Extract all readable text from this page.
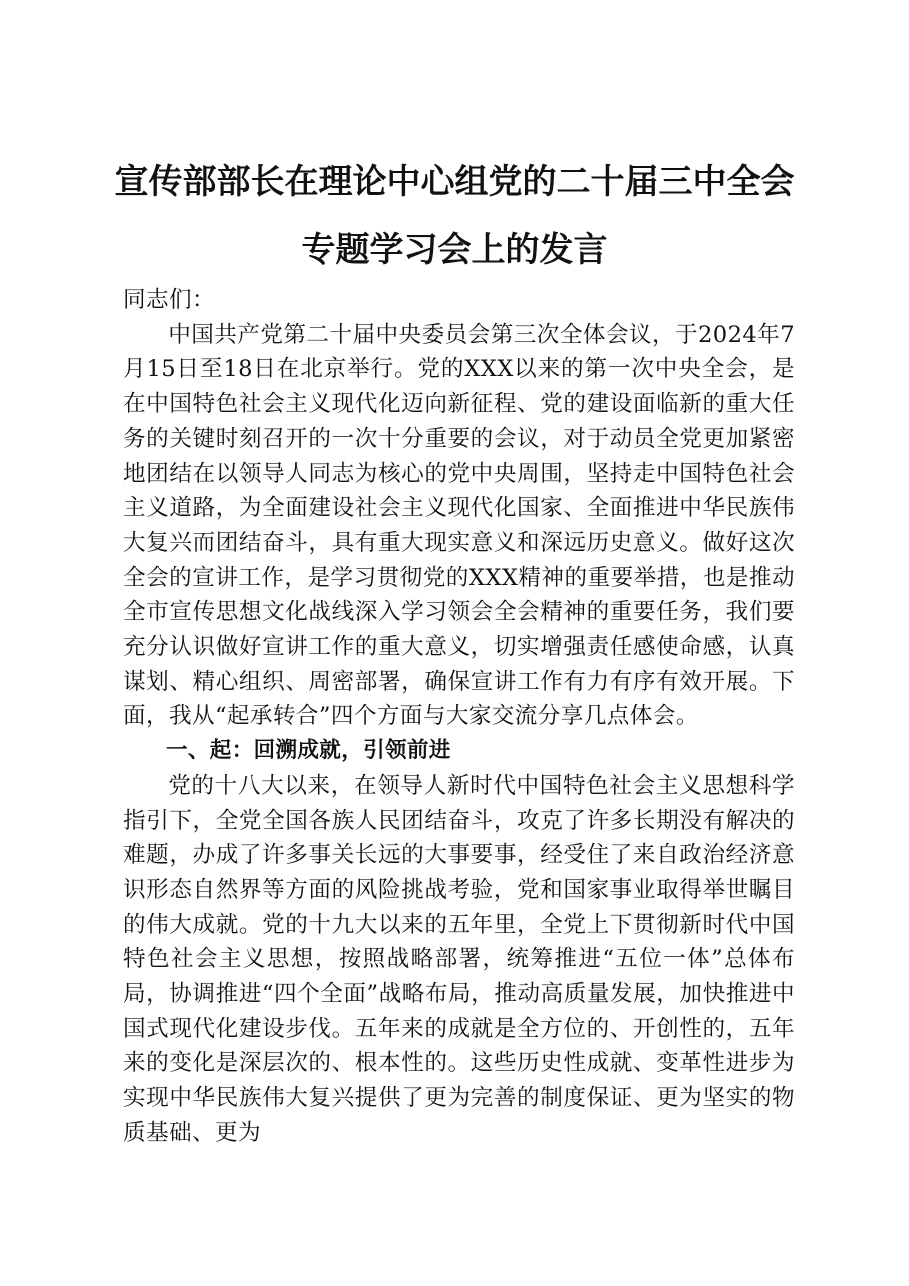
宣传部部长在理论中心组党的二十届三中全会
专题学习会上的发言

同志们：

中国共产党第二十届中央委员会第三次全体会议，于2024年7月15日至18日在北京举行。党的XXX以来的第一次中央全会，是在中国特色社会主义现代化迈向新征程、党的建设面临新的重大任务的关键时刻召开的一次十分重要的会议，对于动员全党更加紧密地团结在以领导人同志为核心的党中央周围，坚持走中国特色社会主义道路，为全面建设社会主义现代化国家、全面推进中华民族伟大复兴而团结奋斗，具有重大现实意义和深远历史意义。做好这次全会的宣讲工作，是学习贯彻党的XXX精神的重要举措，也是推动全市宣传思想文化战线深入学习领会全会精神的重要任务，我们要充分认识做好宣讲工作的重大意义，切实增强责任感使命感，认真谋划、精心组织、周密部署，确保宣讲工作有力有序有效开展。下面，我从“起承转合”四个方面与大家交流分享几点体会。

一、起：回溯成就，引领前进

党的十八大以来，在领导人新时代中国特色社会主义思想科学指引下，全党全国各族人民团结奋斗，攻克了许多长期没有解决的难题，办成了许多事关长远的大事要事，经受住了来自政治经济意识形态自然界等方面的风险挑战考验，党和国家事业取得举世瞩目的伟大成就。党的十九大以来的五年里，全党上下贯彻新时代中国特色社会主义思想，按照战略部署，统筹推进“五位一体”总体布局，协调推进“四个全面”战略布局，推动高质量发展，加快推进中国式现代化建设步伐。五年来的成就是全方位的、开创性的，五年来的变化是深层次的、根本性的。这些历史性成就、变革性进步为实现中华民族伟大复兴提供了更为完善的制度保证、更为坚实的物质基础、更为
